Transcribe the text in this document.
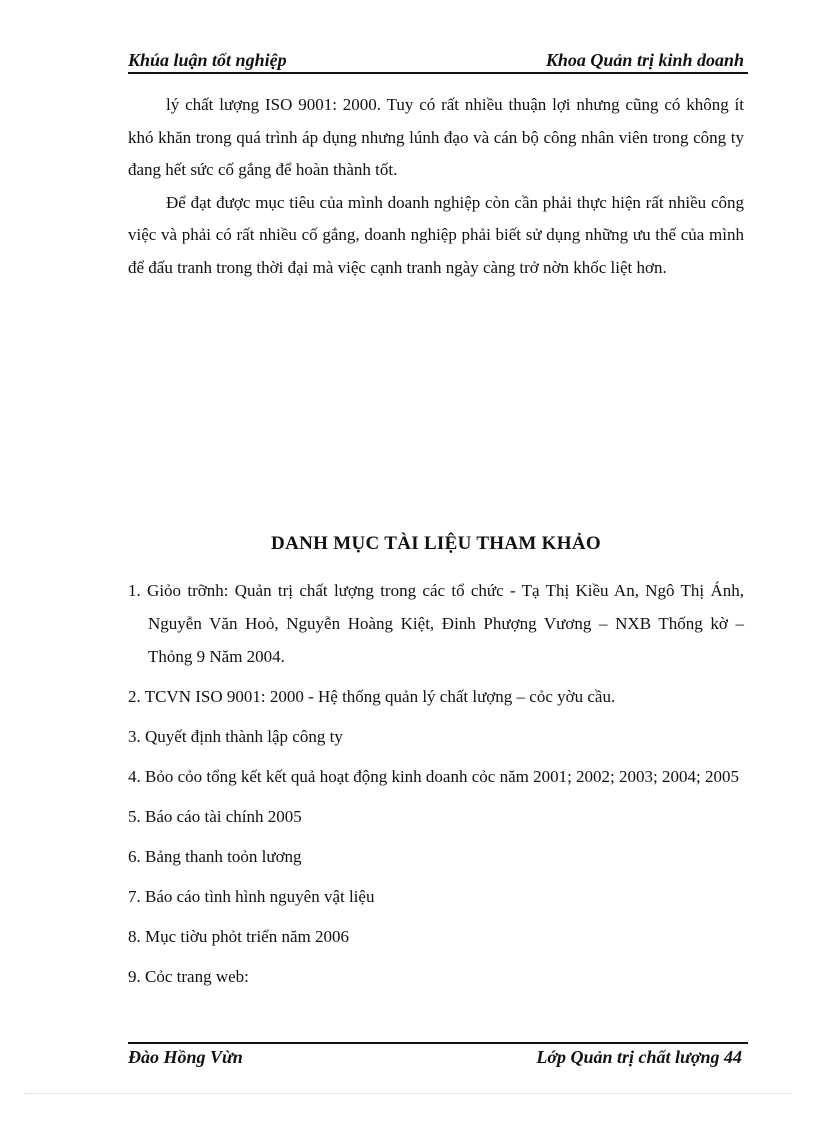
Khúa luận tốt nghiệp	Khoa Quản trị kinh doanh

lý chất lượng ISO 9001: 2000. Tuy có rất nhiều thuận lợi nhưng cũng có không ít khó khăn trong quá trình áp dụng nhưng lúnh đạo và cán bộ công nhân viên trong công ty đang hết sức cố gắng để hoàn thành tốt.

Để đạt được mục tiêu của mình doanh nghiệp còn cần phải thực hiện rất nhiều công việc và phải có rất nhiều cố gắng, doanh nghiệp phải biết sử dụng những ưu thế của mình để đấu tranh trong thời đại mà việc cạnh tranh ngày càng trở nờn khốc liệt hơn.

DANH MỤC TÀI LIỆU THAM KHẢO
1. Giỏo trỡnh: Quản trị chất lượng trong các tổ chức - Tạ Thị Kiều An, Ngô Thị Ánh, Nguyễn Văn Hoỏ, Nguyễn Hoàng Kiệt, Đinh Phượng Vương – NXB Thống kờ – Thỏng 9 Năm 2004.
2. TCVN ISO 9001: 2000 - Hệ thống quản lý chất lượng – cỏc yờu cầu.
3. Quyết định thành lập công ty
4. Bỏo cỏo tổng kết kết quả hoạt động kinh doanh cỏc năm 2001; 2002; 2003; 2004; 2005
5. Báo cáo tài chính 2005
6. Bảng thanh toỏn lương
7. Báo cáo tình hình nguyên vật liệu
8. Mục tiờu phỏt triển năm 2006
9. Cỏc trang web:
Đào Hồng Vừn	Lớp Quản trị chất lượng 44
